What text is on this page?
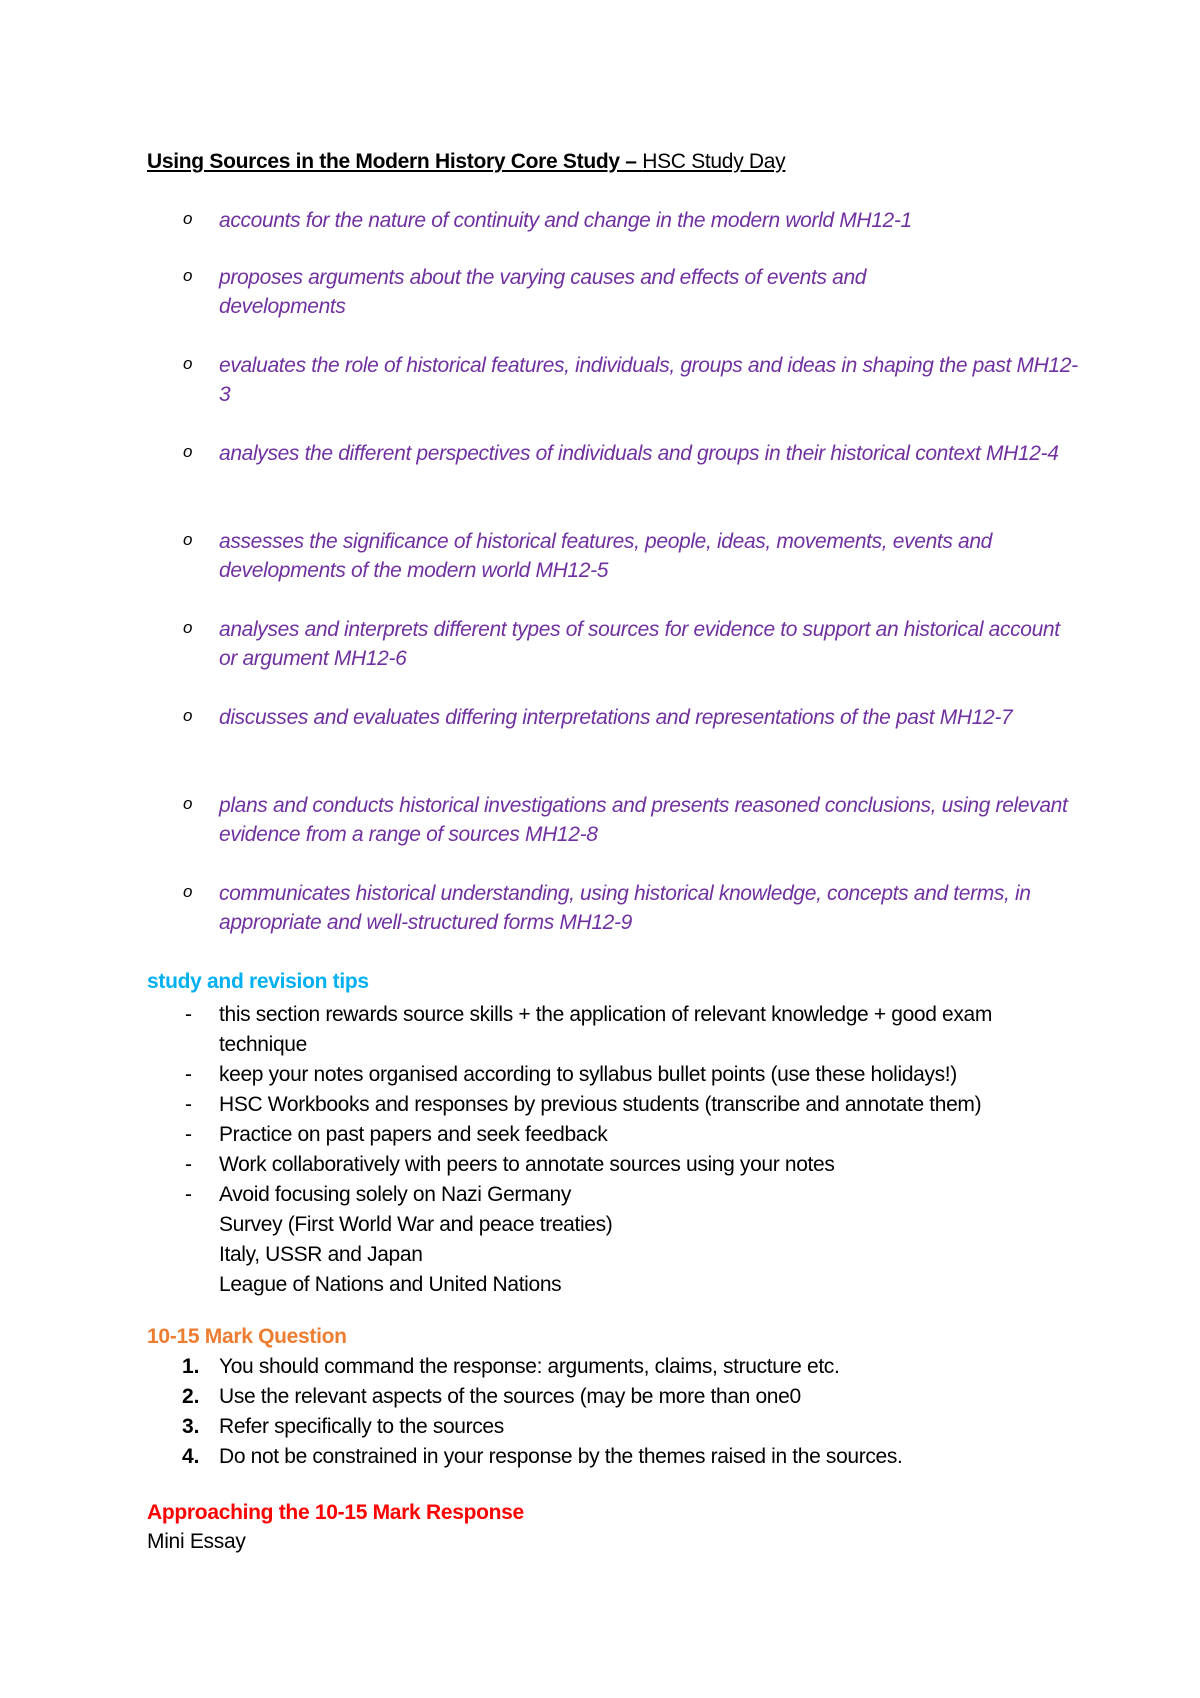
Using Sources in the Modern History Core Study – HSC Study Day
o accounts for the nature of continuity and change in the modern world MH12-1
o proposes arguments about the varying causes and effects of events and developments
o evaluates the role of historical features, individuals, groups and ideas in shaping the past MH12-3
o analyses the different perspectives of individuals and groups in their historical context MH12-4
o assesses the significance of historical features, people, ideas, movements, events and developments of the modern world MH12-5
o analyses and interprets different types of sources for evidence to support an historical account or argument MH12-6
o discusses and evaluates differing interpretations and representations of the past MH12-7
o plans and conducts historical investigations and presents reasoned conclusions, using relevant evidence from a range of sources MH12-8
o communicates historical understanding, using historical knowledge, concepts and terms, in appropriate and well-structured forms MH12-9
study and revision tips
- this section rewards source skills + the application of relevant knowledge + good exam technique
- keep your notes organised according to syllabus bullet points (use these holidays!)
- HSC Workbooks and responses by previous students (transcribe and annotate them)
- Practice on past papers and seek feedback
- Work collaboratively with peers to annotate sources using your notes
- Avoid focusing solely on Nazi Germany
Survey (First World War and peace treaties)
Italy, USSR and Japan
League of Nations and United Nations
10-15 Mark Question
1. You should command the response: arguments, claims, structure etc.
2. Use the relevant aspects of the sources (may be more than one0
3. Refer specifically to the sources
4. Do not be constrained in your response by the themes raised in the sources.
Approaching the 10-15 Mark Response
Mini Essay
